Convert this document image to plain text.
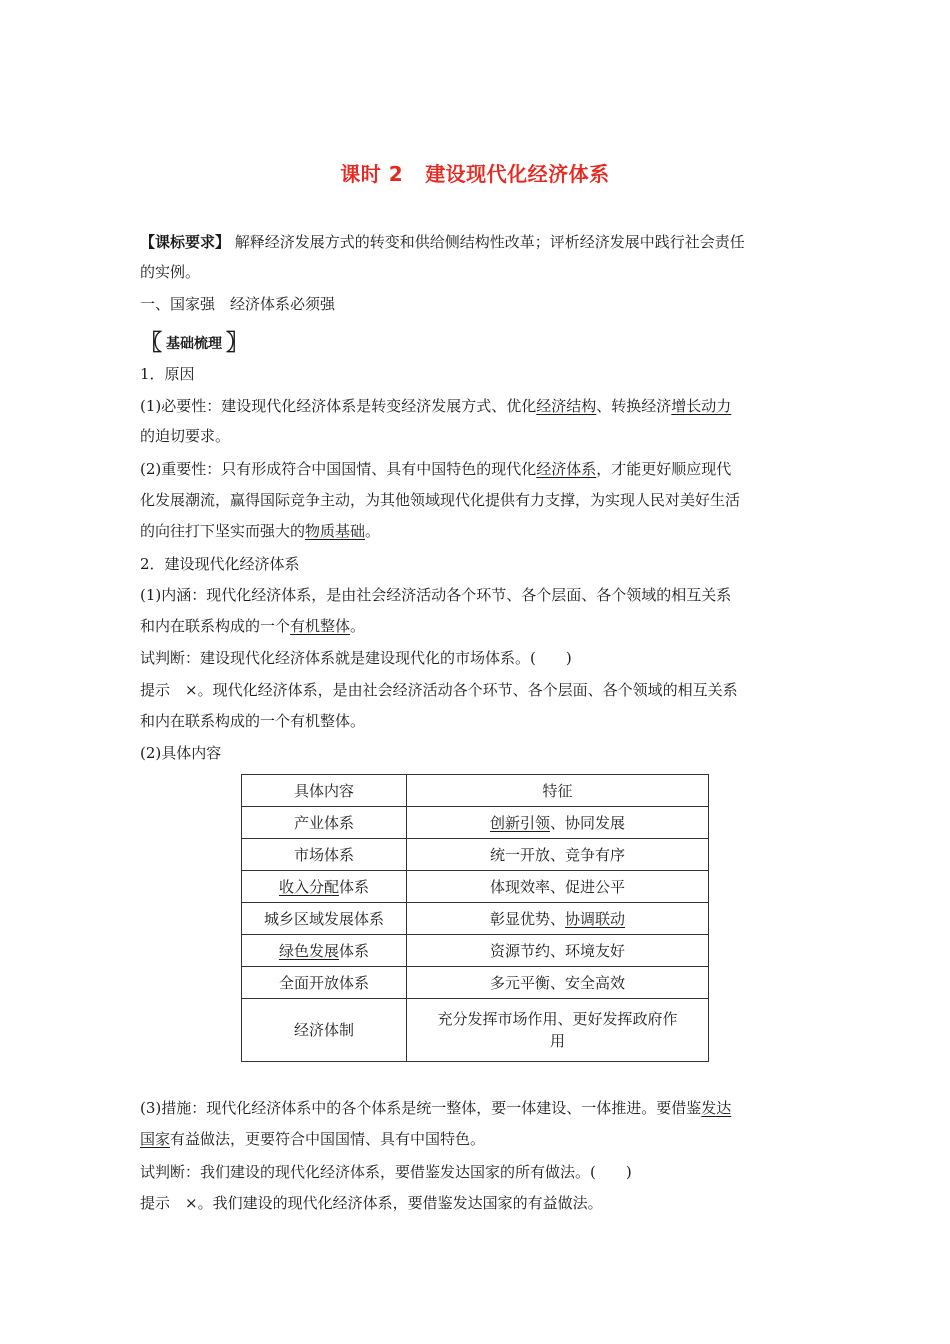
课时 2 建设现代化经济体系
【课标要求】 解释经济发展方式的转变和供给侧结构性改革；评析经济发展中践行社会责任
的实例。
一、国家强　经济体系必须强
〖 基础梳理 〗
1．原因
(1)必要性：建设现代化经济体系是转变经济发展方式、优化经济结构、转换经济增长动力
的迫切要求。
(2)重要性：只有形成符合中国国情、具有中国特色的现代化经济体系，才能更好顺应现代
化发展潮流，赢得国际竞争主动，为其他领域现代化提供有力支撑，为实现人民对美好生活
的向往打下坚实而强大的物质基础。
2．建设现代化经济体系
(1)内涵：现代化经济体系，是由社会经济活动各个环节、各个层面、各个领域的相互关系
和内在联系构成的一个有机整体。
试判断：建设现代化经济体系就是建设现代化的市场体系。(　　)
提示　×。现代化经济体系，是由社会经济活动各个环节、各个层面、各个领域的相互关系
和内在联系构成的一个有机整体。
(2)具体内容
具体内容	特征
产业体系	创新引领、协同发展
市场体系	统一开放、竞争有序
收入分配体系	体现效率、促进公平
城乡区域发展体系	彰显优势、协调联动
绿色发展体系	资源节约、环境友好
全面开放体系	多元平衡、安全高效
经济体制	充分发挥市场作用、更好发挥政府作
用
(3)措施：现代化经济体系中的各个体系是统一整体，要一体建设、一体推进。要借鉴发达
国家有益做法，更要符合中国国情、具有中国特色。
试判断：我们建设的现代化经济体系，要借鉴发达国家的所有做法。(　　)
提示　×。我们建设的现代化经济体系，要借鉴发达国家的有益做法。
